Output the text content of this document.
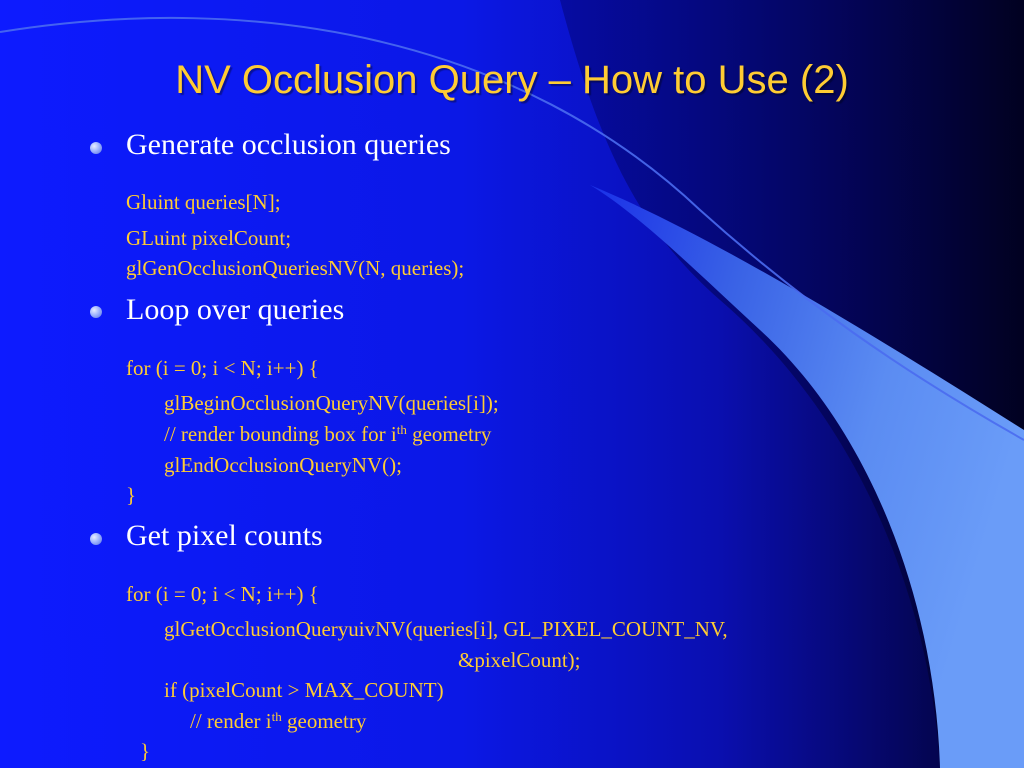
NV Occlusion Query – How to Use (2)
Generate occlusion queries
Gluint queries[N];
GLuint pixelCount;
glGenOcclusionQueriesNV(N, queries);
Loop over queries
for (i = 0; i < N; i++) {
glBeginOcclusionQueryNV(queries[i]);
// render bounding box for $i^{th}$ geometry
glEndOcclusionQueryNV();
}
Get pixel counts
for (i = 0; i < N; i++) {
glGetOcclusionQueryuivNV(queries[i], GL_PIXEL_COUNT_NV,
&pixelCount);
if (pixelCount > MAX_COUNT)
// render $i^{th}$ geometry
}
